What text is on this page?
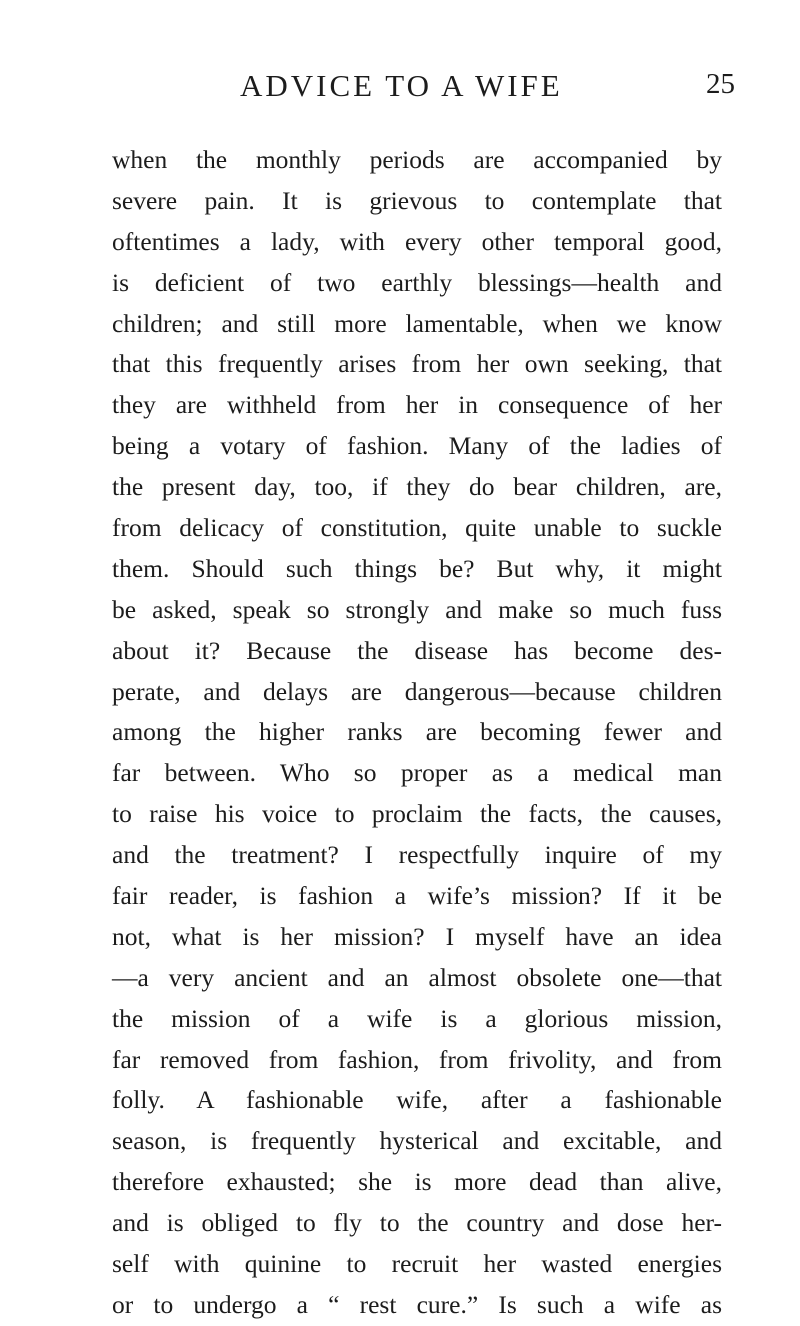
ADVICE TO A WIFE	25
when the monthly periods are accompanied by
severe pain. It is grievous to contemplate that
oftentimes a lady, with every other temporal good,
is deficient of two earthly blessings—health and
children; and still more lamentable, when we know
that this frequently arises from her own seeking, that
they are withheld from her in consequence of her
being a votary of fashion. Many of the ladies of
the present day, too, if they do bear children, are,
from delicacy of constitution, quite unable to suckle
them. Should such things be? But why, it might
be asked, speak so strongly and make so much fuss
about it? Because the disease has become des-
perate, and delays are dangerous—because children
among the higher ranks are becoming fewer and
far between. Who so proper as a medical man
to raise his voice to proclaim the facts, the causes,
and the treatment? I respectfully inquire of my
fair reader, is fashion a wife’s mission? If it be
not, what is her mission? I myself have an idea
—a very ancient and an almost obsolete one—that
the mission of a wife is a glorious mission,
far removed from fashion, from frivolity, and from
folly. A fashionable wife, after a fashionable
season, is frequently hysterical and excitable, and
therefore exhausted; she is more dead than alive,
and is obliged to fly to the country and dose her-
self with quinine to recruit her wasted energies
or to undergo a “ rest cure.” Is such a wife as
